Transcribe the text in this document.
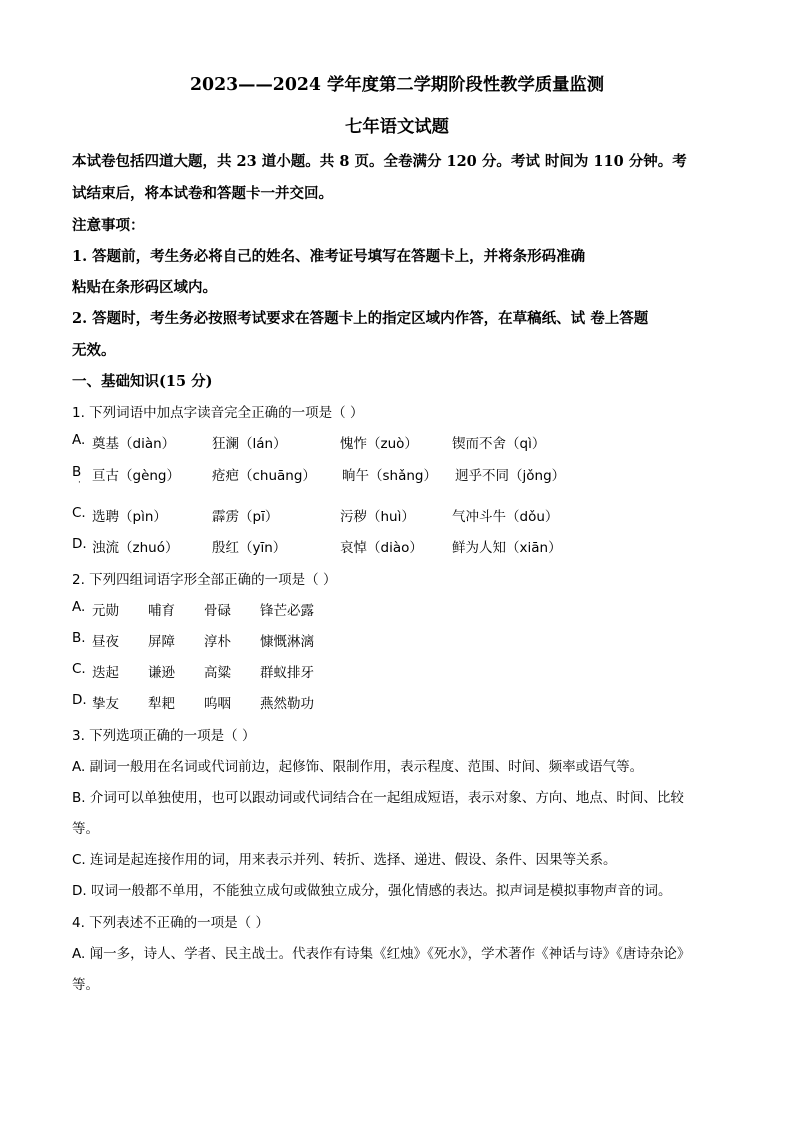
2023——2024 学年度第二学期阶段性教学质量监测
七年语文试题
本试卷包括四道大题，共 23 道小题。共 8 页。全卷满分 120 分。考试 时间为 110 分钟。考
试结束后，将本试卷和答题卡一并交回。
注意事项：
1. 答题前，考生务必将自己的姓名、准考证号填写在答题卡上，并将条形码准确
粘贴在条形码区域内。
2. 答题时，考生务必按照考试要求在答题卡上的指定区域内作答，在草稿纸、试 卷上答题
无效。
一、基础知识(15 分)
1. 下列词语中加点字读音完全正确的一项是（ ）
A. 奠基（diàn）	狂澜（lán）	愧怍（zuò）	锲而不舍（qì）
B 亘古（gèng） 疮疤（chuāng） 晌午（shǎng） 迥乎不同（jǒng）
·
C. 选聘（pìn）	霹雳（pī）	污秽（huì）	气冲斗牛（dǒu）
D. 浊流（zhuó） 殷红（yīn）	哀悼（diào） 鲜为人知（xiān）
2. 下列四组词语字形全部正确的一项是（ ）
A. 元勋 哺育 骨碌 锋芒必露
B. 昼夜 屏障 淳朴 慷慨淋漓
C. 迭起 谦逊 高粱 群蚁排牙
D. 挚友 犁耙 呜咽 燕然勒功
3. 下列选项正确的一项是（ ）
A. 副词一般用在名词或代词前边，起修饰、限制作用，表示程度、范围、时间、频率或语气等。
B. 介词可以单独使用，也可以跟动词或代词结合在一起组成短语，表示对象、方向、地点、时间、比较
等。
C. 连词是起连接作用的词，用来表示并列、转折、选择、递进、假设、条件、因果等关系。
D. 叹词一般都不单用，不能独立成句或做独立成分，强化情感的表达。拟声词是模拟事物声音的词。
4. 下列表述不正确的一项是（ ）
A. 闻一多，诗人、学者、民主战士。代表作有诗集《红烛》《死水》，学术著作《神话与诗》《唐诗杂论》
等。
